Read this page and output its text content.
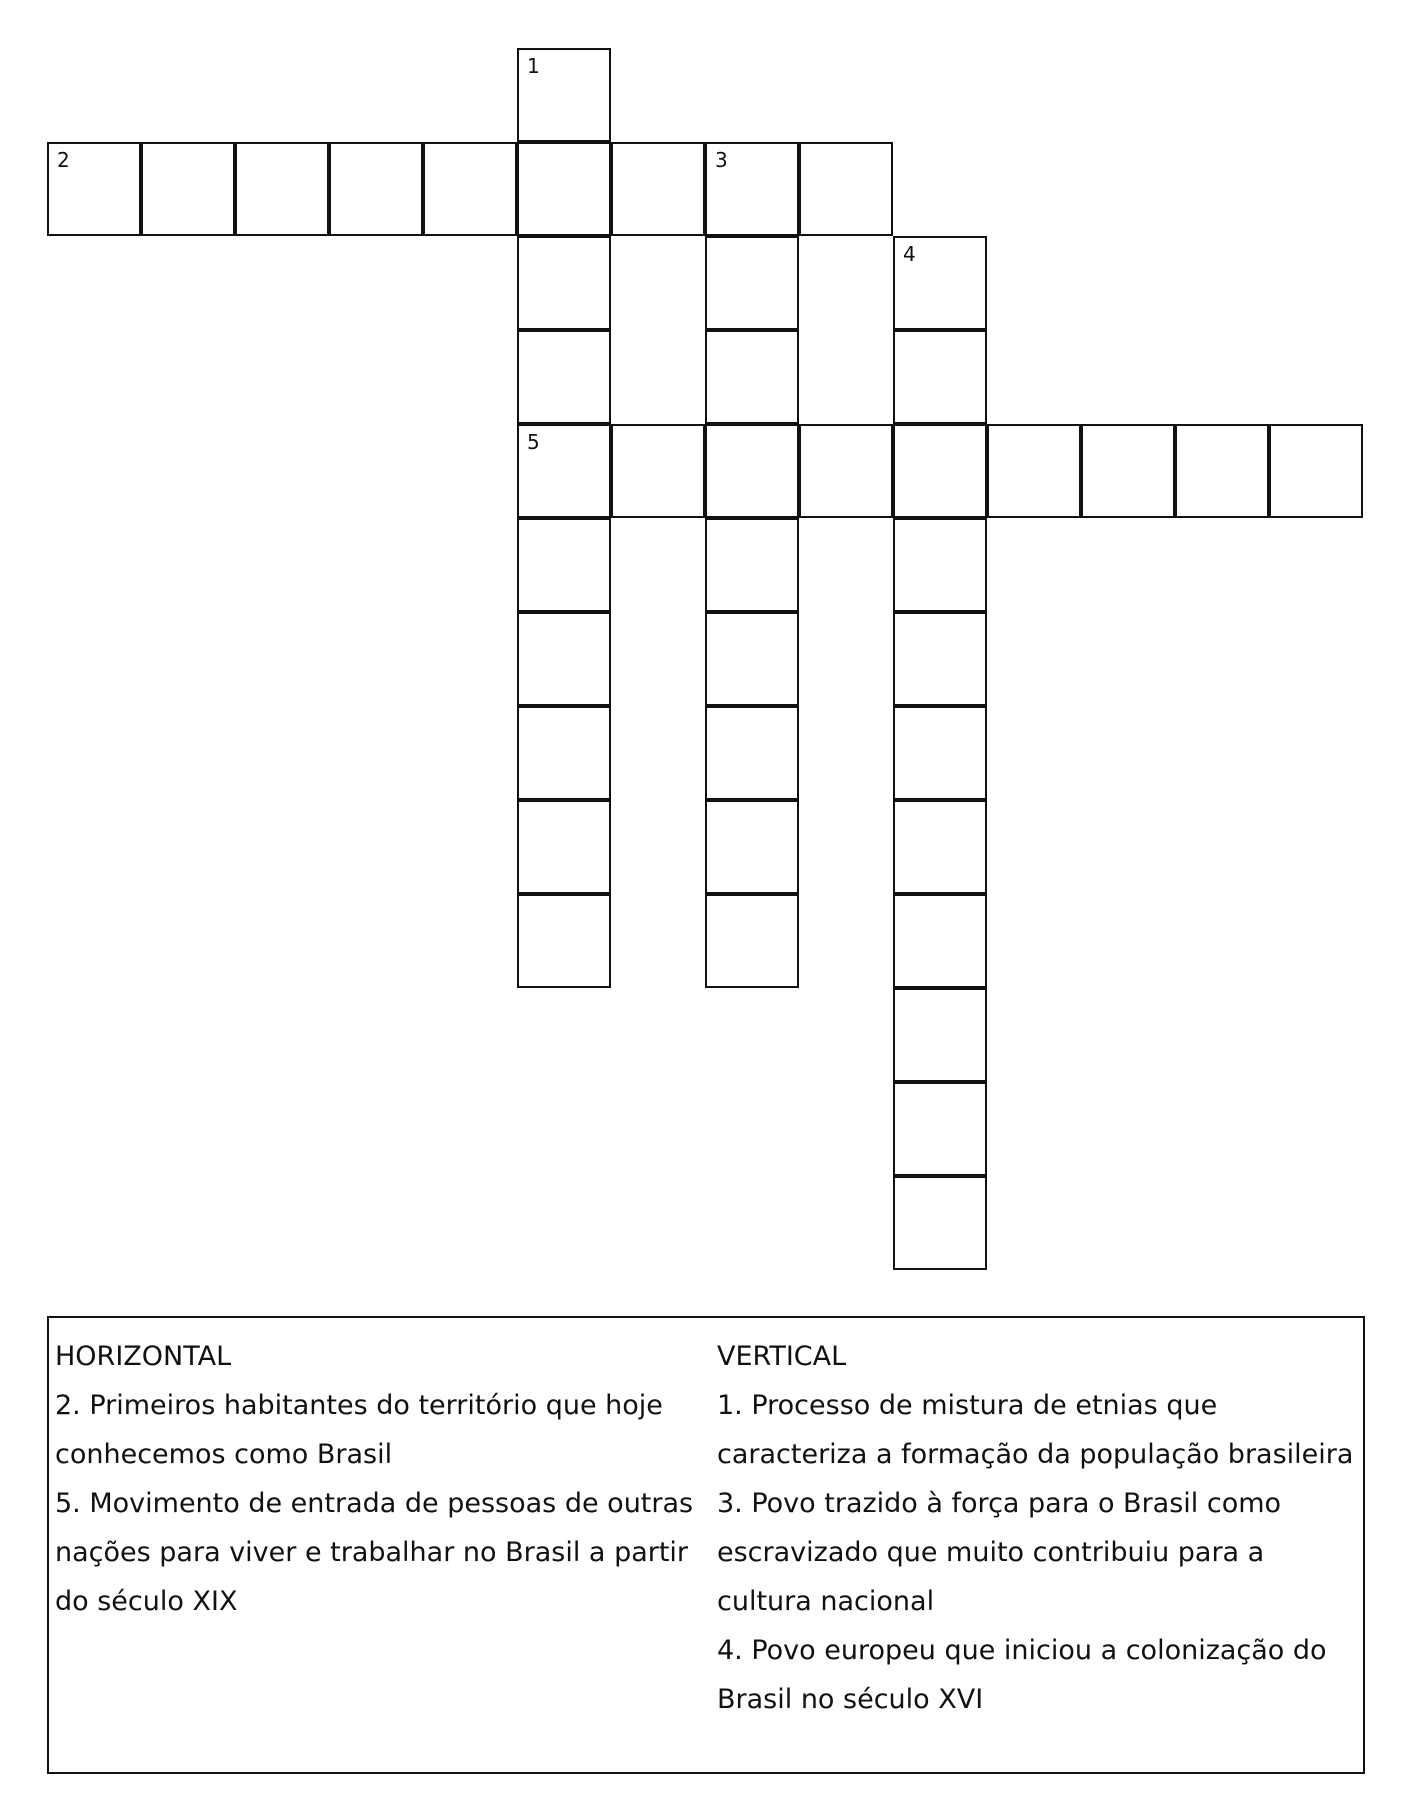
1
5
2	3
4

HORIZONTAL

2. Primeiros habitantes do território que hoje conhecemos como Brasil

5. Movimento de entrada de pessoas de outras nações para viver e trabalhar no Brasil a partir do século XIX

VERTICAL

1. Processo de mistura de etnias que caracteriza a formação da população brasileira

3. Povo trazido à força para o Brasil como escravizado que muito contribuiu para a cultura nacional

4. Povo europeu que iniciou a colonização do Brasil no século XVI
